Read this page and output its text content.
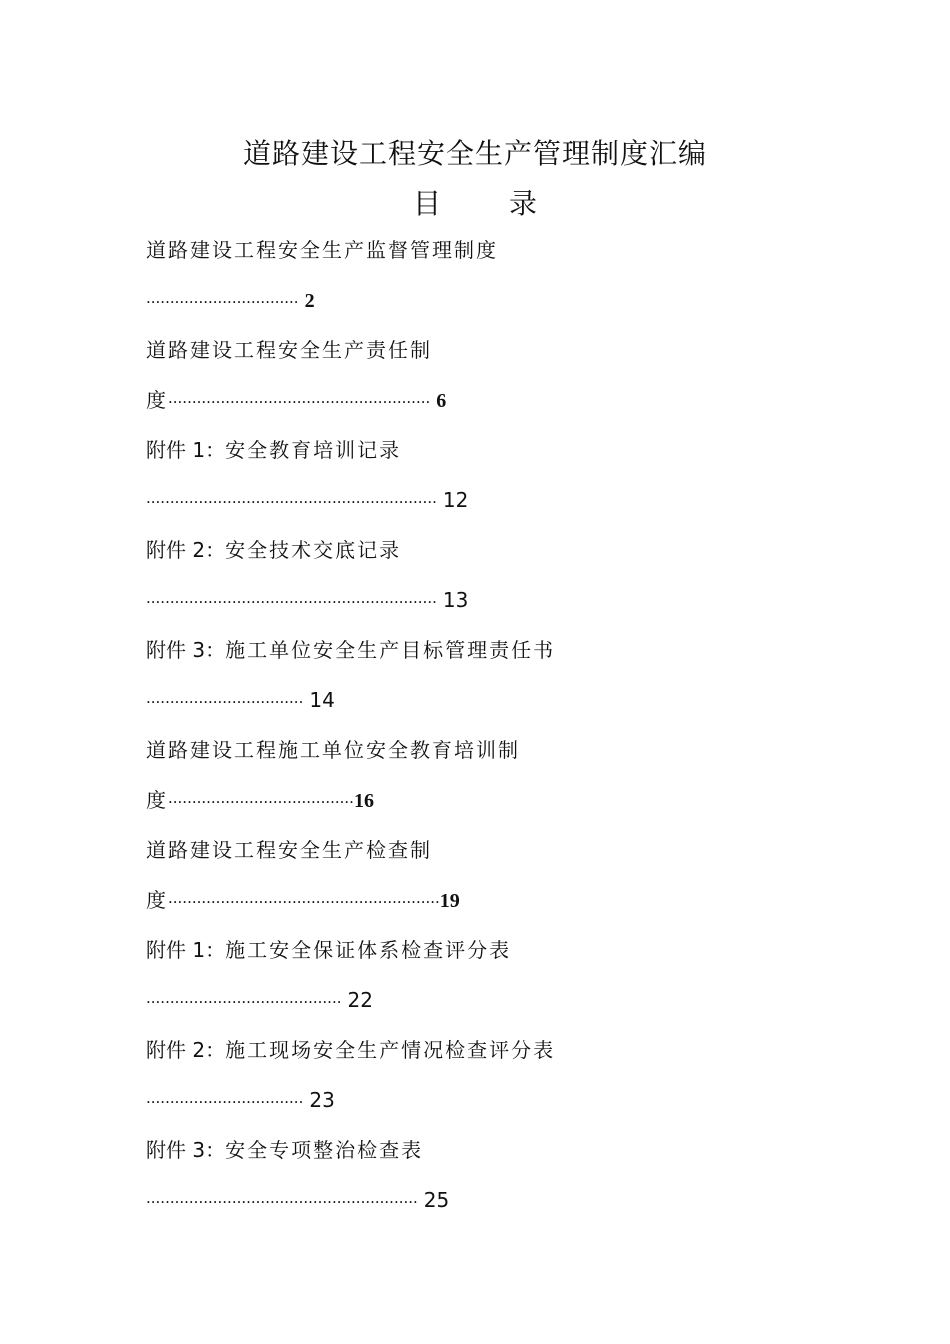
道路建设工程安全生产管理制度汇编
目 录
道路建设工程安全生产监督管理制度
································ 2
道路建设工程安全生产责任制
度······················································· 6
附件 1：安全教育培训记录
····························································· 12
附件 2：安全技术交底记录
····························································· 13
附件 3：施工单位安全生产目标管理责任书
································· 14
道路建设工程施工单位安全教育培训制
度·······································16
道路建设工程安全生产检查制
度·························································19
附件 1：施工安全保证体系检查评分表
········································· 22
附件 2：施工现场安全生产情况检查评分表
································· 23
附件 3：安全专项整治检查表
························································· 25
